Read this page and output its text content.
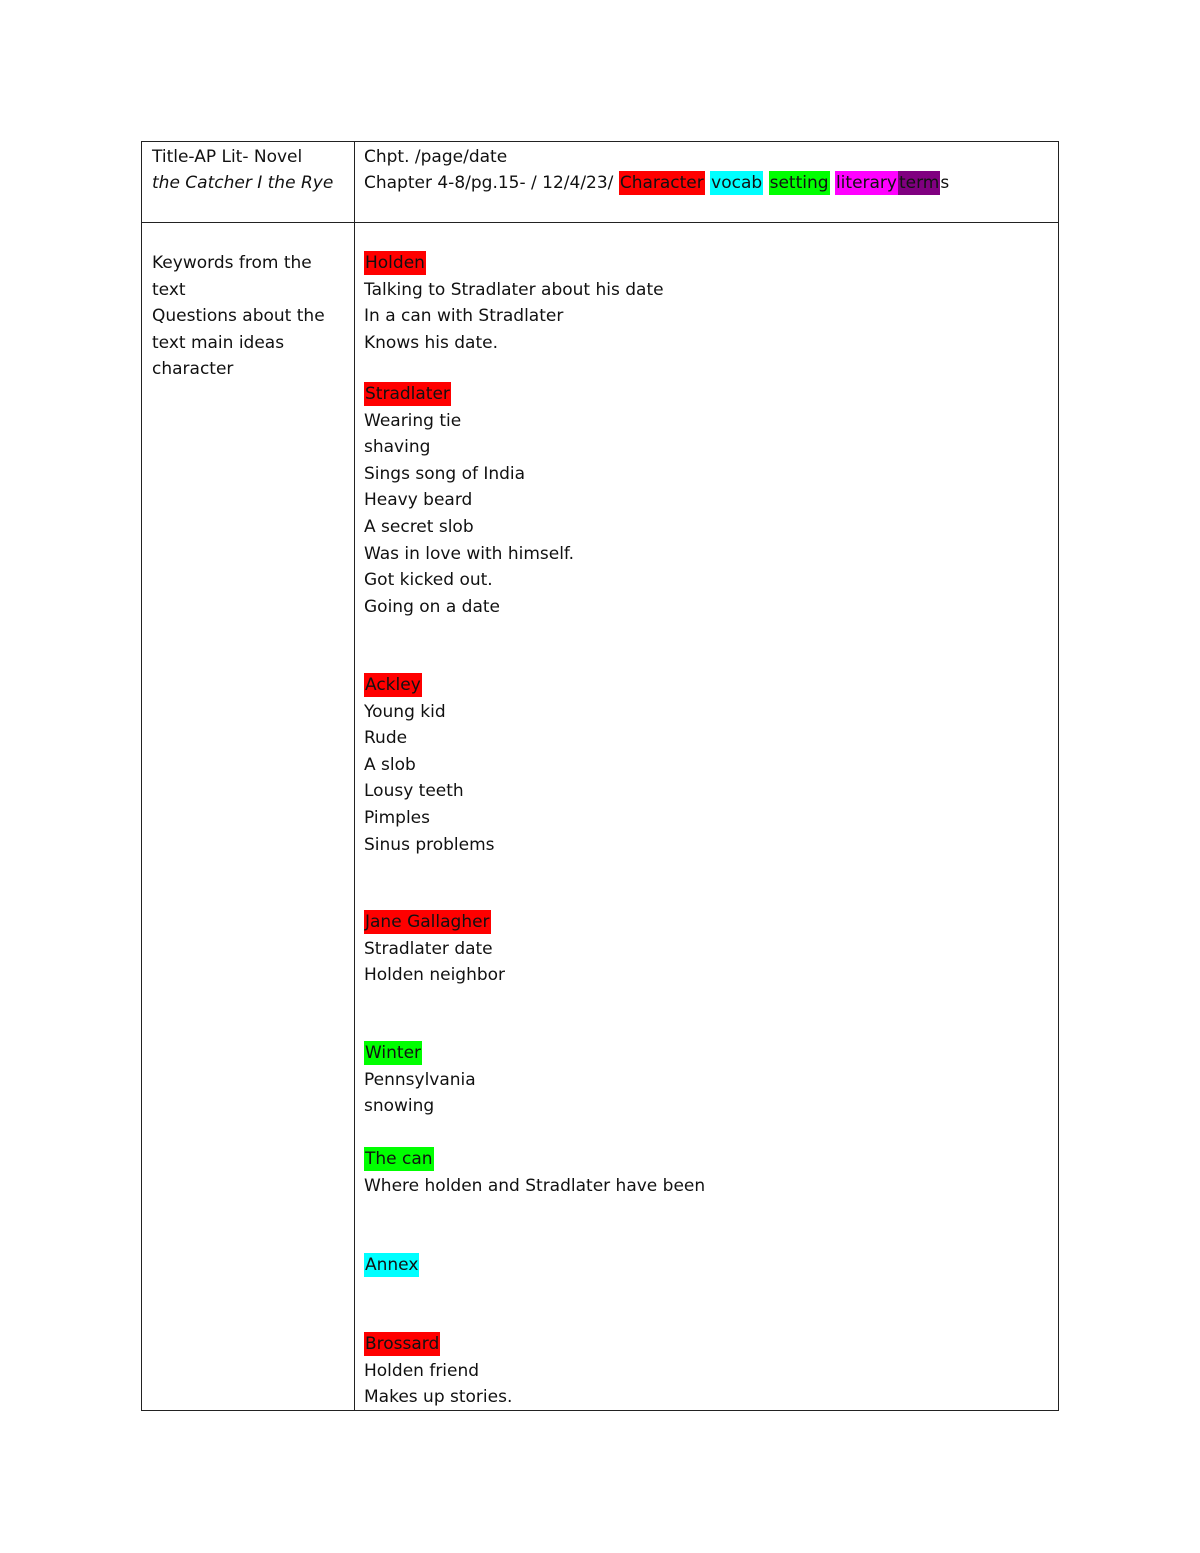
Title-AP Lit- Novel
the Catcher I the Rye
Chpt. /page/date
Chapter 4-8/pg.15- / 12/4/23/ Character vocab setting literary terms
Keywords from the
text
Questions about the
text main ideas
character
Holden
Talking to Stradlater about his date
In a can with Stradlater
Knows his date.
Stradlater
Wearing tie
shaving
Sings song of India
Heavy beard
A secret slob
Was in love with himself.
Got kicked out.
Going on a date
Ackley
Young kid
Rude
A slob
Lousy teeth
Pimples
Sinus problems
Jane Gallagher
Stradlater date
Holden neighbor
Winter
Pennsylvania
snowing
The can
Where holden and Stradlater have been
Annex
Brossard
Holden friend
Makes up stories.
